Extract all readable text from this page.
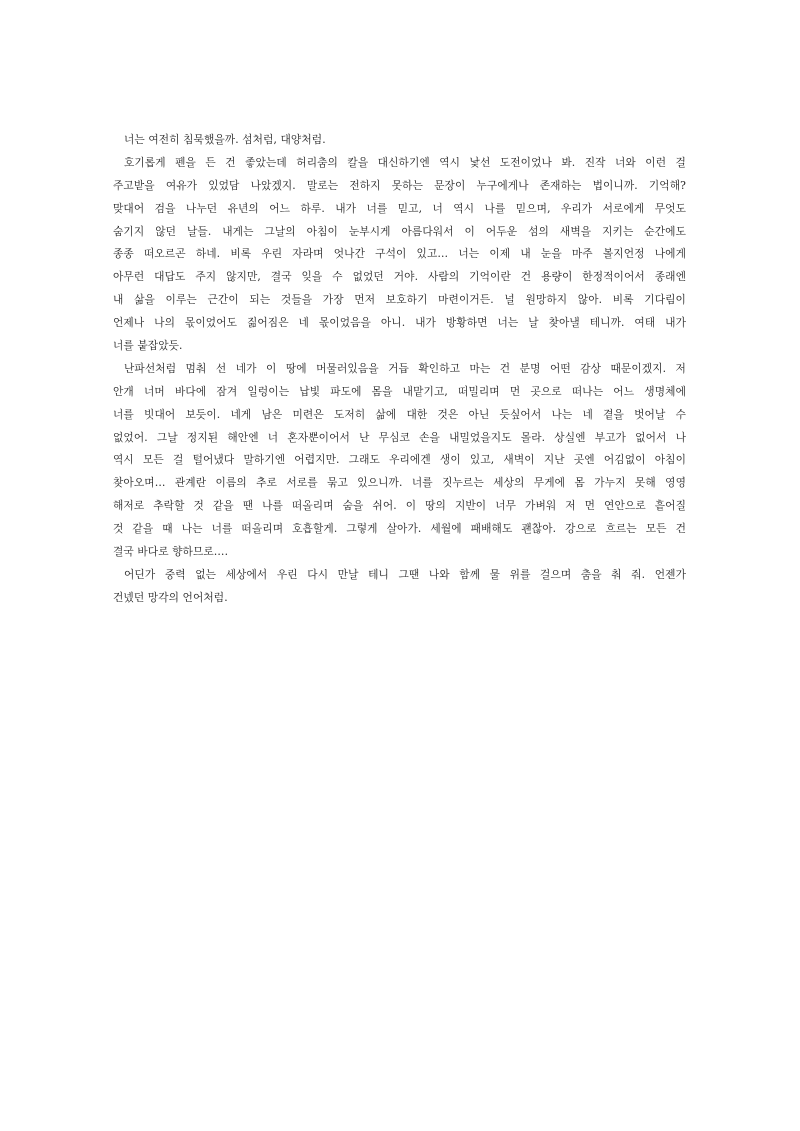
너는 여전히 침묵했을까. 섬처럼, 대양처럼.
호기롭게 펜을 든 건 좋았는데 허리춤의 칼을 대신하기엔 역시 낯선 도전이었나 봐. 진작 너와 이런 걸
주고받을 여유가 있었담 나았겠지. 말로는 전하지 못하는 문장이 누구에게나 존재하는 법이니까. 기억해?
맞대어 검을 나누던 유년의 어느 하루. 내가 너를 믿고, 너 역시 나를 믿으며, 우리가 서로에게 무엇도
숨기지 않던 날들. 내게는 그날의 아침이 눈부시게 아름다워서 이 어두운 섬의 새벽을 지키는 순간에도
종종 떠오르곤 하네. 비록 우린 자라며 엇나간 구석이 있고… 너는 이제 내 눈을 마주 볼지언정 나에게
아무런 대답도 주지 않지만, 결국 잊을 수 없었던 거야. 사람의 기억이란 건 용량이 한정적이어서 종래엔
내 삶을 이루는 근간이 되는 것들을 가장 먼저 보호하기 마련이거든. 널 원망하지 않아. 비록 기다림이
언제나 나의 몫이었어도 짊어짐은 네 몫이었음을 아니. 내가 방황하면 너는 날 찾아낼 테니까. 여태 내가
너를 붙잡았듯.
난파선처럼 멈춰 선 네가 이 땅에 머물러있음을 거듭 확인하고 마는 건 분명 어떤 감상 때문이겠지. 저
안개 너머 바다에 잠겨 일렁이는 납빛 파도에 몸을 내맡기고, 떠밀리며 먼 곳으로 떠나는 어느 생명체에
너를 빗대어 보듯이. 네게 남은 미련은 도저히 삶에 대한 것은 아닌 듯싶어서 나는 네 곁을 벗어날 수
없었어. 그날 정지된 해안엔 너 혼자뿐이어서 난 무심코 손을 내밀었을지도 몰라. 상실엔 부고가 없어서 나
역시 모든 걸 털어냈다 말하기엔 어렵지만. 그래도 우리에겐 생이 있고, 새벽이 지난 곳엔 어김없이 아침이
찾아오며… 관계란 이름의 추로 서로를 묶고 있으니까. 너를 짓누르는 세상의 무게에 몸 가누지 못해 영영
해저로 추락할 것 같을 땐 나를 떠올리며 숨을 쉬어. 이 땅의 지반이 너무 가벼워 저 먼 연안으로 흩어질
것 같을 때 나는 너를 떠올리며 호흡할게. 그렇게 살아가. 세월에 패배해도 괜찮아. 강으로 흐르는 모든 건
결국 바다로 향하므로….
어딘가 중력 없는 세상에서 우린 다시 만날 테니 그땐 나와 함께 물 위를 걸으며 춤을 춰 줘. 언젠가
건넸던 망각의 언어처럼.
